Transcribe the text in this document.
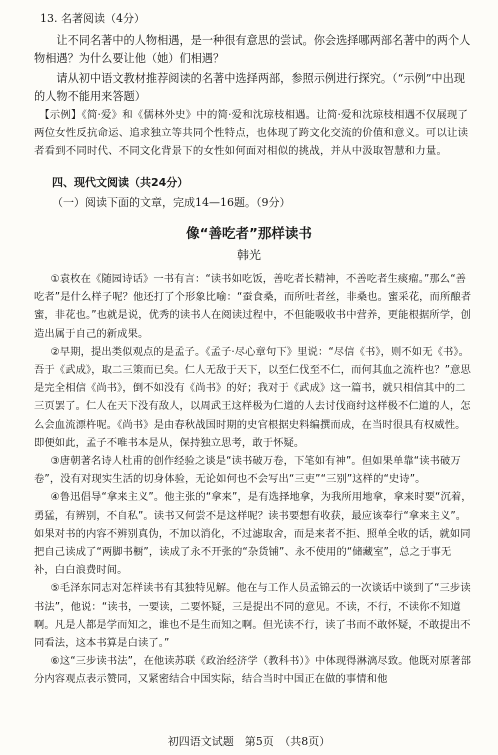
13. 名著阅读（4分）

让不同名著中的人物相遇，是一种很有意思的尝试。你会选择哪两部名著中的两个人物相遇？为什么要让他（她）们相遇？

请从初中语文教材推荐阅读的名著中选择两部，参照示例进行探究。（“示例”中出现的人物不能用来答题）

【示例】《简·爱》和《儒林外史》中的简·爱和沈琼枝相遇。让简·爱和沈琼枝相遇不仅展现了两位女性反抗命运、追求独立等共同个性特点，也体现了跨文化交流的价值和意义。可以让读者看到不同时代、不同文化背景下的女性如何面对相似的挑战，并从中汲取智慧和力量。

四、现代文阅读（共24分）

（一）阅读下面的文章，完成14—16题。（9分）

像“善吃者”那样读书

韩光

①袁枚在《随园诗话》一书有言：“读书如吃饭，善吃者长精神，不善吃者生痰瘤。”那么“善吃者”是什么样子呢？他还打了个形象比喻：“蚕食桑，而所吐者丝，非桑也。蜜采花，而所酿者蜜，非花也。”也就是说，优秀的读书人在阅读过程中，不但能吸收书中营养，更能根据所学，创造出属于自己的新成果。

②早期，提出类似观点的是孟子。《孟子·尽心章句下》里说：“尽信《书》，则不如无《书》。吾于《武成》，取二三策而已矣。仁人无敌于天下，以至仁伐至不仁，而何其血之流杵也？”意思是完全相信《尚书》，倒不如没有《尚书》的好；我对于《武成》这一篇书，就只相信其中的二三页罢了。仁人在天下没有敌人，以周武王这样极为仁道的人去讨伐商纣这样极不仁道的人，怎么会血流漂杵呢。《尚书》是由春秋战国时期的史官根据史料编撰而成，在当时很具有权威性。即便如此，孟子不唯书本是从，保持独立思考，敢于怀疑。

③唐朝著名诗人杜甫的创作经验之谈是“读书破万卷，下笔如有神”。但如果单靠“读书破万卷”，没有对现实生活的切身体验，无论如何也不会写出“三吏”“三别”这样的“史诗”。

④鲁迅倡导“拿来主义”。他主张的“拿来”，是有选择地拿，为我所用地拿，拿来时要“沉着，勇猛，有辨别，不自私”。读书又何尝不是这样呢？读书要想有收获，最应该奉行“拿来主义”。如果对书的内容不辨别真伪，不加以消化，不过滤取舍，而是来者不拒、照单全收的话，就如同把自己读成了“两脚书橱”，读成了永不开张的“杂货铺”、永不使用的“储藏室”，总之于事无补，白白浪费时间。

⑤毛泽东同志对怎样读书有其独特见解。他在与工作人员孟锦云的一次谈话中谈到了“三步读书法”，他说：“读书，一要读，二要怀疑，三是提出不同的意见。不读，不行，不读你不知道啊。凡是人都是学而知之，谁也不是生而知之啊。但光读不行，读了书而不敢怀疑，不敢提出不同看法，这本书算是白读了。”

⑥这“三步读书法”，在他读苏联《政治经济学（教科书）》中体现得淋漓尽致。他既对原著部分内容观点表示赞同，又紧密结合中国实际，结合当时中国正在做的事情和他

初四语文试题　第5页　（共8页）
